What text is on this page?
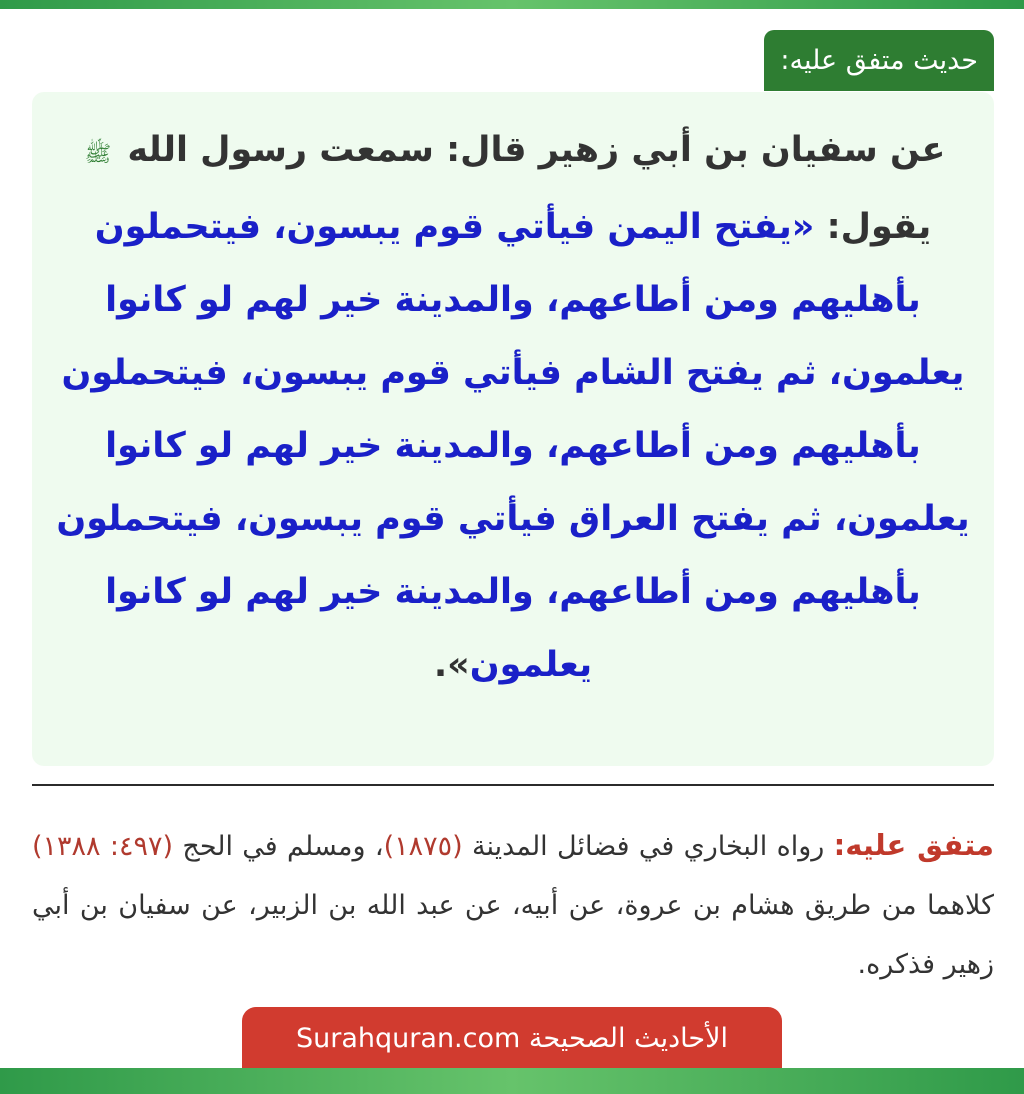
حديث متفق عليه:

عن سفيان بن أبي زهير قال: سمعت رسول الله ﷺ يقول: «يفتح اليمن فيأتي قوم يبسون، فيتحملون بأهليهم ومن أطاعهم، والمدينة خير لهم لو كانوا يعلمون، ثم يفتح الشام فيأتي قوم يبسون، فيتحملون بأهليهم ومن أطاعهم، والمدينة خير لهم لو كانوا يعلمون، ثم يفتح العراق فيأتي قوم يبسون، فيتحملون بأهليهم ومن أطاعهم، والمدينة خير لهم لو كانوا يعلمون».

متفق عليه: رواه البخاري في فضائل المدينة (١٨٧٥)، ومسلم في الحج (٤٩٧: ١٣٨٨) كلاهما من طريق هشام بن عروة، عن أبيه، عن عبد الله بن الزبير، عن سفيان بن أبي زهير فذكره.

الأحاديث الصحيحة Surahquran.com
